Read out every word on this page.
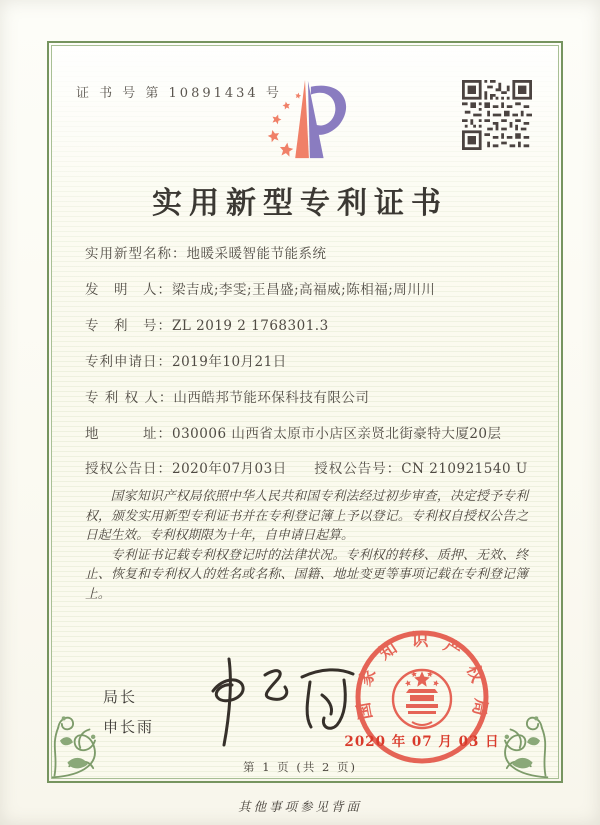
证 书 号 第 10891434 号
实用新型专利证书
实用新型名称：地暖采暖智能节能系统
发　明　人：梁吉成;李雯;王昌盛;高福威;陈相福;周川川
专　利　号：ZL 2019 2 1768301.3
专利申请日：2019年10月21日
专 利 权 人：山西皓邦节能环保科技有限公司
地　　　址：030006 山西省太原市小店区亲贤北街豪特大厦20层
授权公告日：2020年07月03日 授权公告号：CN 210921540 U

国家知识产权局依照中华人民共和国专利法经过初步审查，决定授予专利权，颁发实用新型专利证书并在专利登记簿上予以登记。专利权自授权公告之日起生效。专利权期限为十年，自申请日起算。

专利证书记载专利权登记时的法律状况。专利权的转移、质押、无效、终止、恢复和专利权人的姓名或名称、国籍、地址变更等事项记载在专利登记簿上。

局长
申长雨
国 家 知 识 产 权 局
2020 年 07 月 03 日
第 1 页 (共 2 页)
其他事项参见背面
